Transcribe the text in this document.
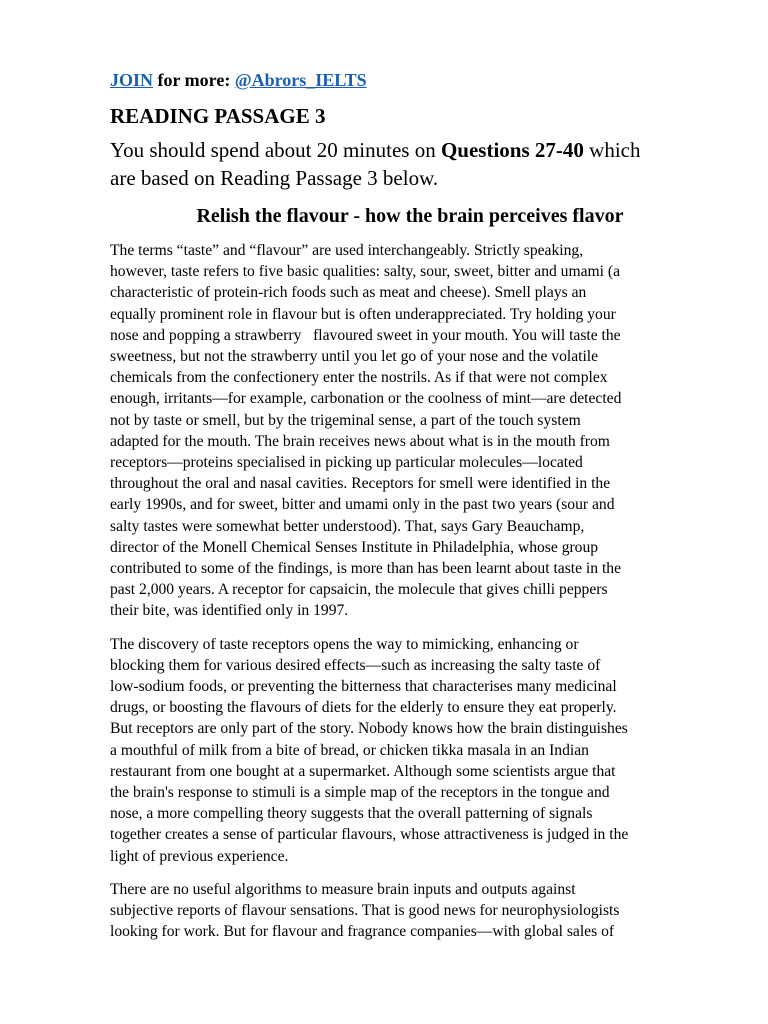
JOIN for more: @Abrors_IELTS

READING PASSAGE 3

You should spend about 20 minutes on Questions 27-40 which
are based on Reading Passage 3 below.

Relish the flavour - how the brain perceives flavor

The terms “taste” and “flavour” are used interchangeably. Strictly speaking,
however, taste refers to five basic qualities: salty, sour, sweet, bitter and umami (a
characteristic of protein-rich foods such as meat and cheese). Smell plays an
equally prominent role in flavour but is often underappreciated. Try holding your
nose and popping a strawberry   flavoured sweet in your mouth. You will taste the
sweetness, but not the strawberry until you let go of your nose and the volatile
chemicals from the confectionery enter the nostrils. As if that were not complex
enough, irritants—for example, carbonation or the coolness of mint—are detected
not by taste or smell, but by the trigeminal sense, a part of the touch system
adapted for the mouth. The brain receives news about what is in the mouth from
receptors—proteins specialised in picking up particular molecules—located
throughout the oral and nasal cavities. Receptors for smell were identified in the
early 1990s, and for sweet, bitter and umami only in the past two years (sour and
salty tastes were somewhat better understood). That, says Gary Beauchamp,
director of the Monell Chemical Senses Institute in Philadelphia, whose group
contributed to some of the findings, is more than has been learnt about taste in the
past 2,000 years. A receptor for capsaicin, the molecule that gives chilli peppers
their bite, was identified only in 1997.

The discovery of taste receptors opens the way to mimicking, enhancing or
blocking them for various desired effects—such as increasing the salty taste of
low-sodium foods, or preventing the bitterness that characterises many medicinal
drugs, or boosting the flavours of diets for the elderly to ensure they eat properly.
But receptors are only part of the story. Nobody knows how the brain distinguishes
a mouthful of milk from a bite of bread, or chicken tikka masala in an Indian
restaurant from one bought at a supermarket. Although some scientists argue that
the brain's response to stimuli is a simple map of the receptors in the tongue and
nose, a more compelling theory suggests that the overall patterning of signals
together creates a sense of particular flavours, whose attractiveness is judged in the
light of previous experience.

There are no useful algorithms to measure brain inputs and outputs against
subjective reports of flavour sensations. That is good news for neurophysiologists
looking for work. But for flavour and fragrance companies—with global sales of
